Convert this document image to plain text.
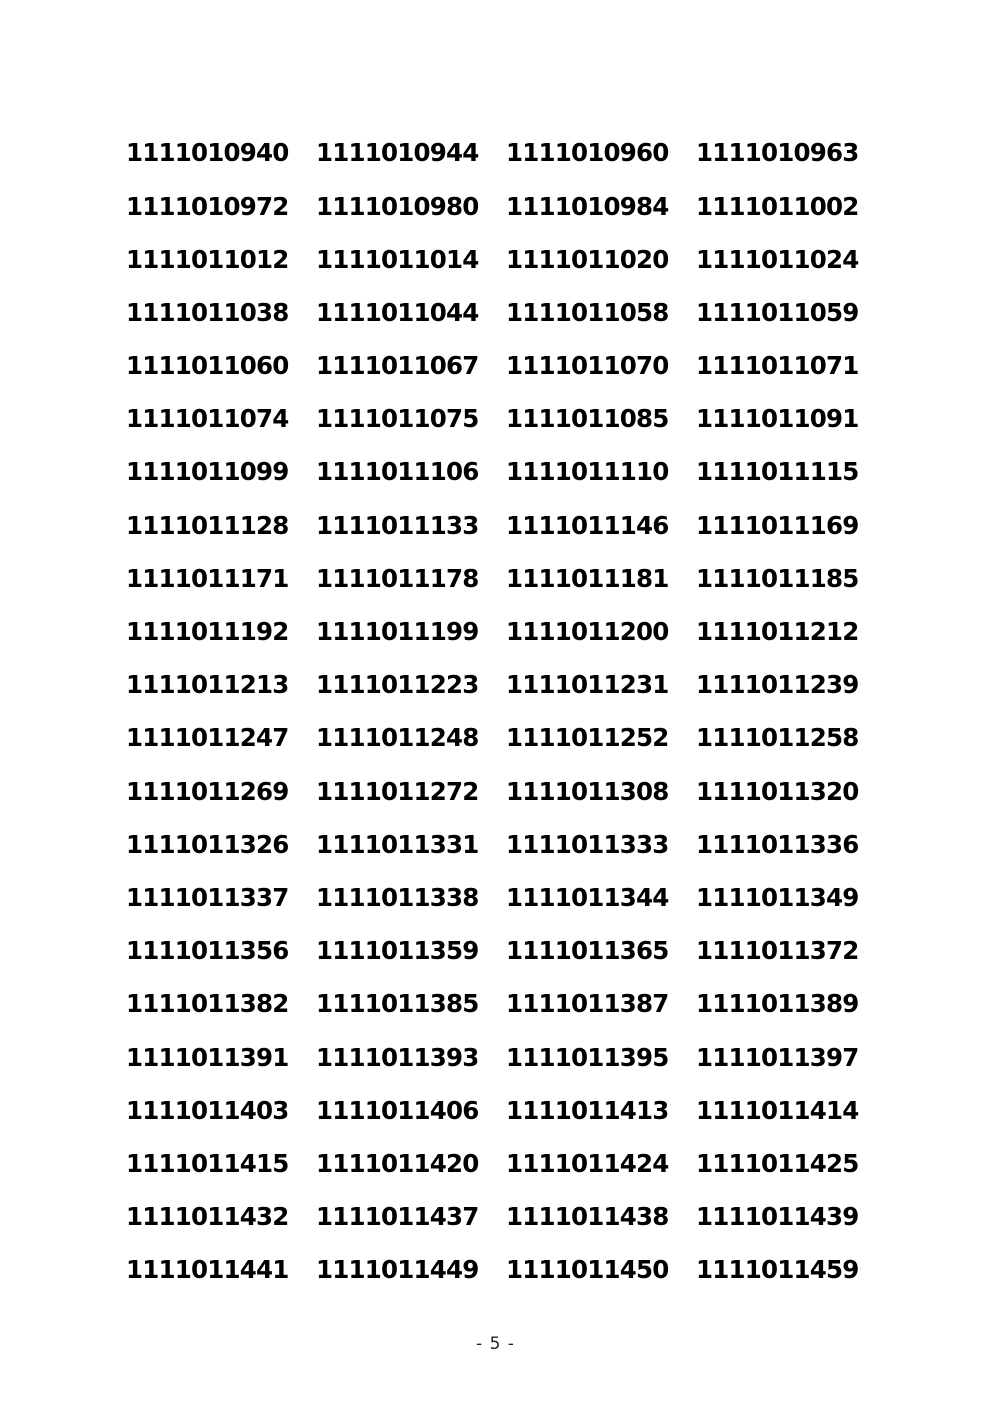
1111010940	1111010944	1111010960	1111010963
1111010972	1111010980	1111010984	1111011002
1111011012	1111011014	1111011020	1111011024
1111011038	1111011044	1111011058	1111011059
1111011060	1111011067	1111011070	1111011071
1111011074	1111011075	1111011085	1111011091
1111011099	1111011106	1111011110	1111011115
1111011128	1111011133	1111011146	1111011169
1111011171	1111011178	1111011181	1111011185
1111011192	1111011199	1111011200	1111011212
1111011213	1111011223	1111011231	1111011239
1111011247	1111011248	1111011252	1111011258
1111011269	1111011272	1111011308	1111011320
1111011326	1111011331	1111011333	1111011336
1111011337	1111011338	1111011344	1111011349
1111011356	1111011359	1111011365	1111011372
1111011382	1111011385	1111011387	1111011389
1111011391	1111011393	1111011395	1111011397
1111011403	1111011406	1111011413	1111011414
1111011415	1111011420	1111011424	1111011425
1111011432	1111011437	1111011438	1111011439
1111011441	1111011449	1111011450	1111011459
- 5 -
